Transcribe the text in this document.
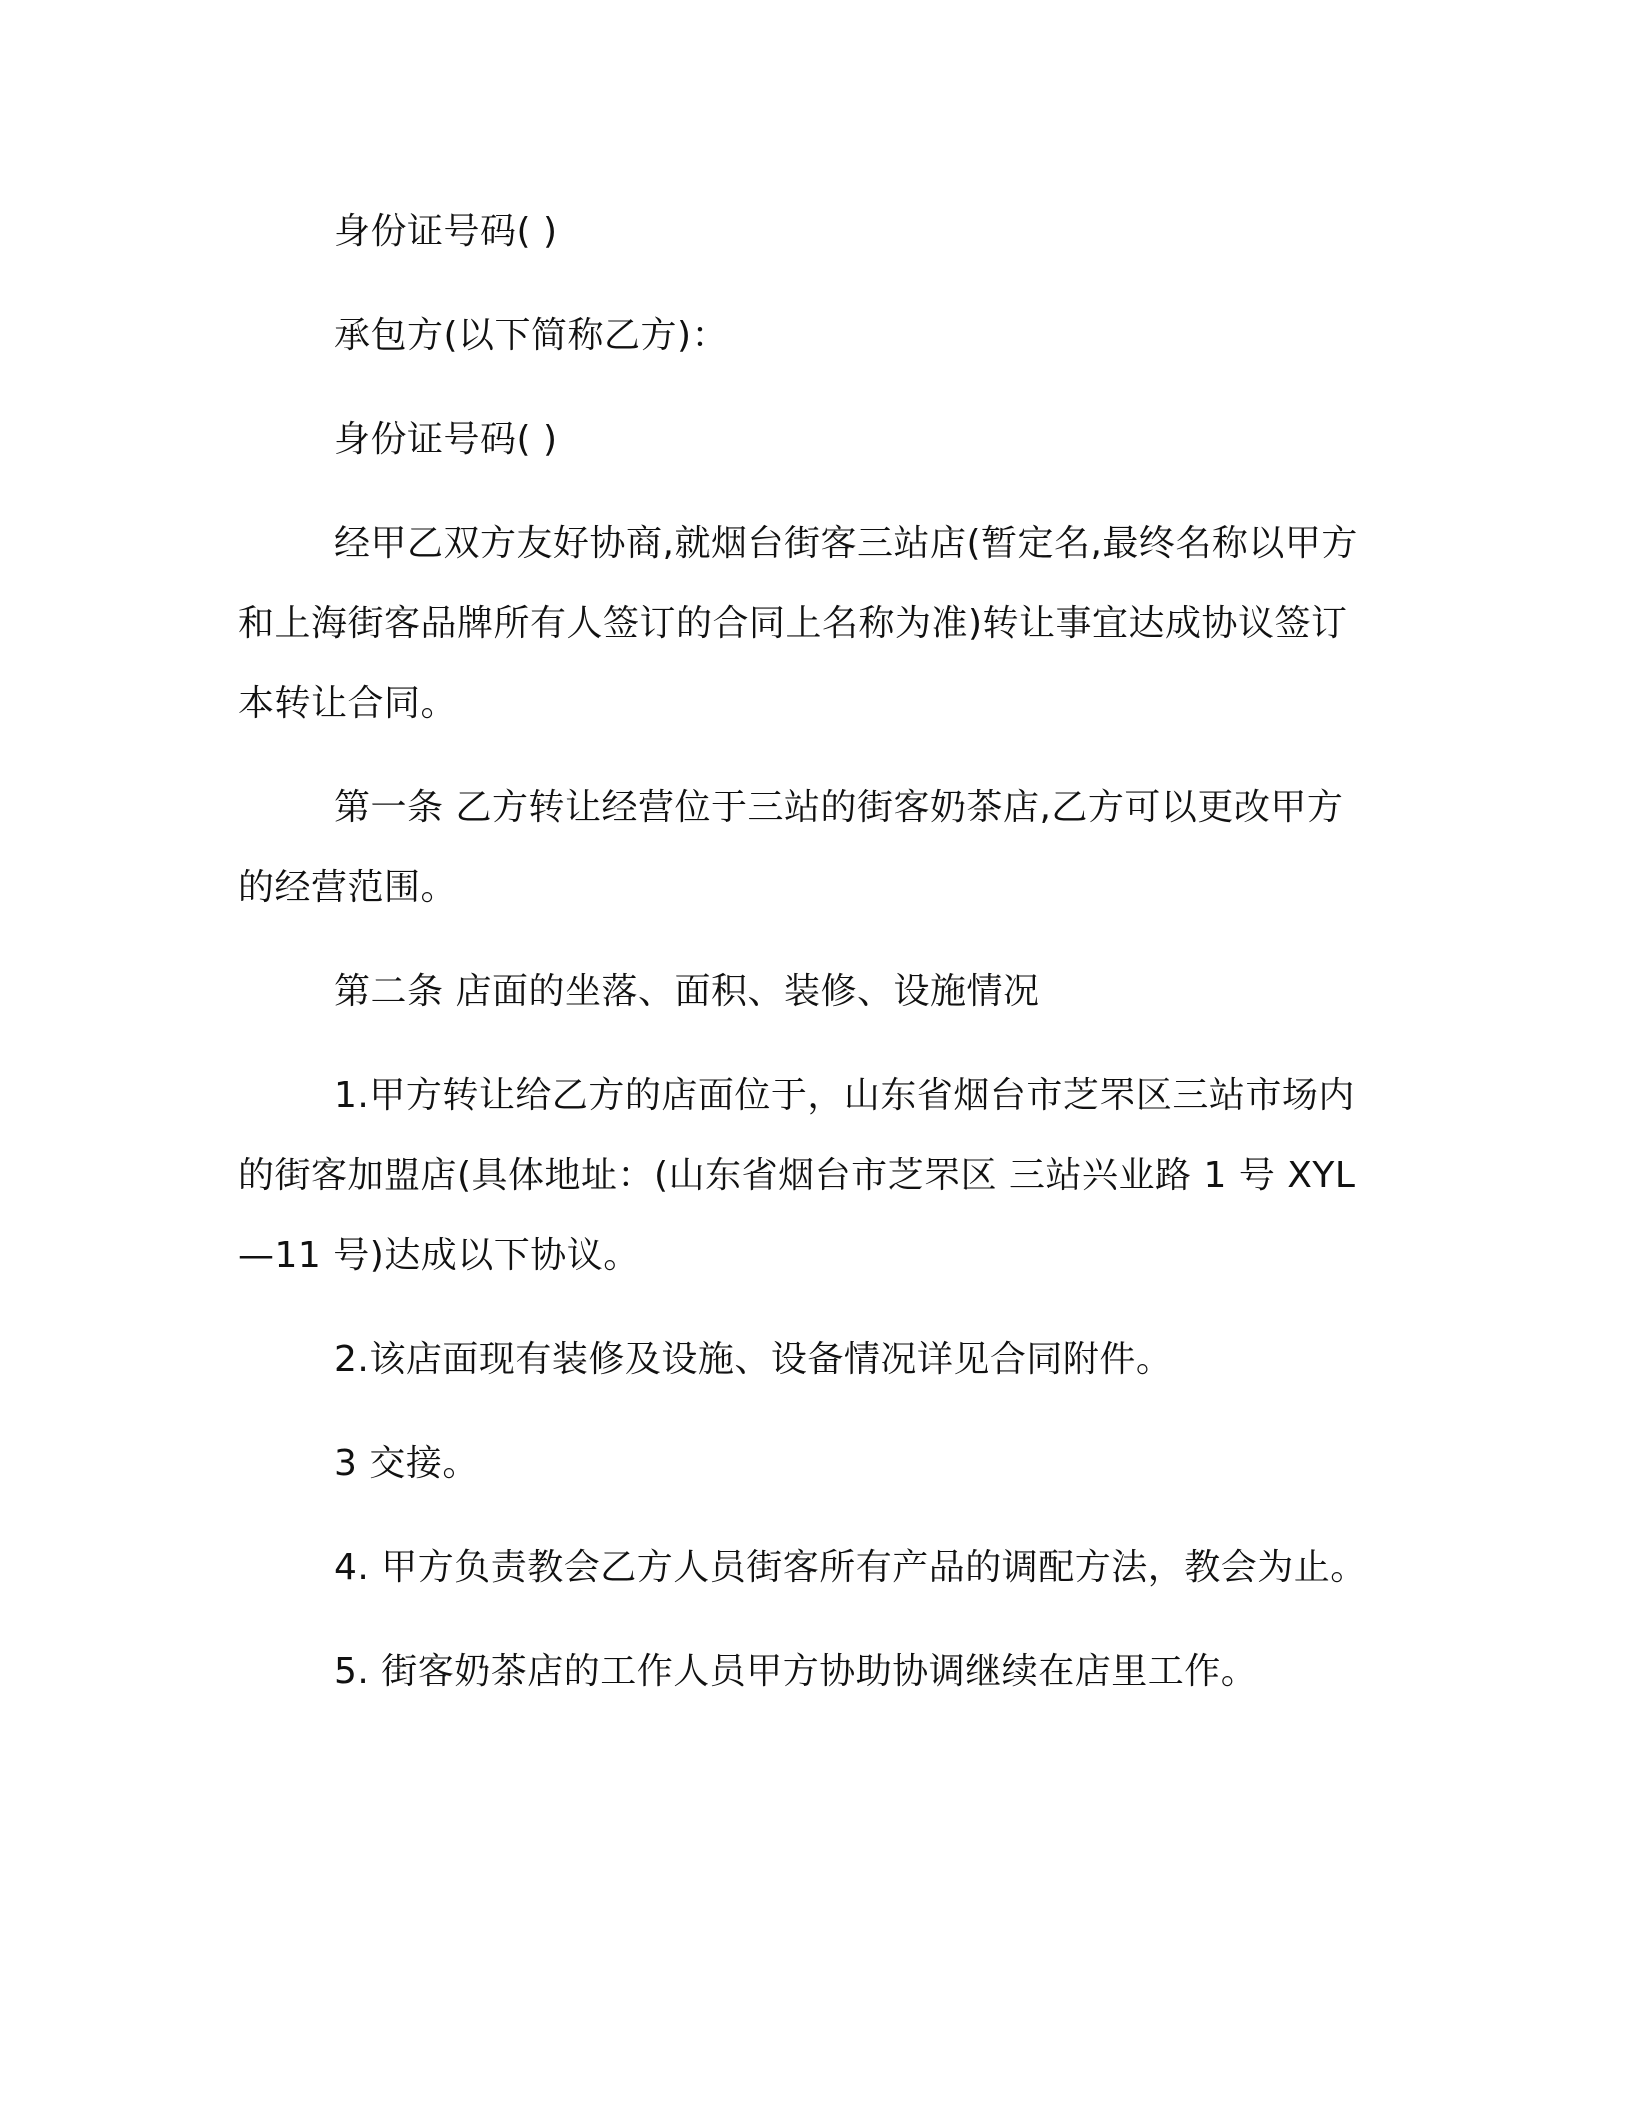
身份证号码( )

承包方(以下简称乙方)：

身份证号码( )

经甲乙双方友好协商,就烟台街客三站店(暂定名,最终名称以甲方和上海街客品牌所有人签订的合同上名称为准)转让事宜达成协议签订本转让合同。

第一条 乙方转让经营位于三站的街客奶茶店,乙方可以更改甲方的经营范围。

第二条 店面的坐落、面积、装修、设施情况

1.甲方转让给乙方的店面位于，山东省烟台市芝罘区三站市场内的街客加盟店(具体地址：(山东省烟台市芝罘区 三站兴业路 1 号 XYL—11 号)达成以下协议。

2.该店面现有装修及设施、设备情况详见合同附件。

3 交接。

4. 甲方负责教会乙方人员街客所有产品的调配方法，教会为止。

5. 街客奶茶店的工作人员甲方协助协调继续在店里工作。
